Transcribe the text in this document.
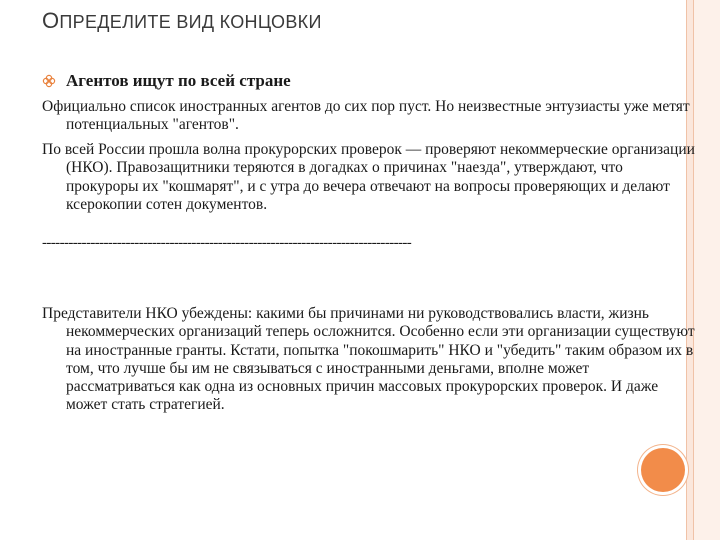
ОПРЕДЕЛИТЕ ВИД КОНЦОВКИ
Агентов ищут по всей стране

Официально список иностранных агентов до сих пор пуст. Но неизвестные энтузиасты уже метят потенциальных "агентов".

По всей России прошла волна прокурорских проверок — проверяют некоммерческие организации (НКО). Правозащитники теряются в догадках о причинах "наезда", утверждают, что прокуроры их "кошмарят", и с утра до вечера отвечают на вопросы проверяющих и делают ксерокопии сотен документов.

------------------------------------------------------------------------------------

Представители НКО убеждены: какими бы причинами ни руководствовались власти, жизнь некоммерческих организаций теперь осложнится. Особенно если эти организации существуют на иностранные гранты. Кстати, попытка "покошмарить" НКО и "убедить" таким образом их в том, что лучше бы им не связываться с иностранными деньгами, вполне может рассматриваться как одна из основных причин массовых прокурорских проверок. И даже может стать стратегией.
